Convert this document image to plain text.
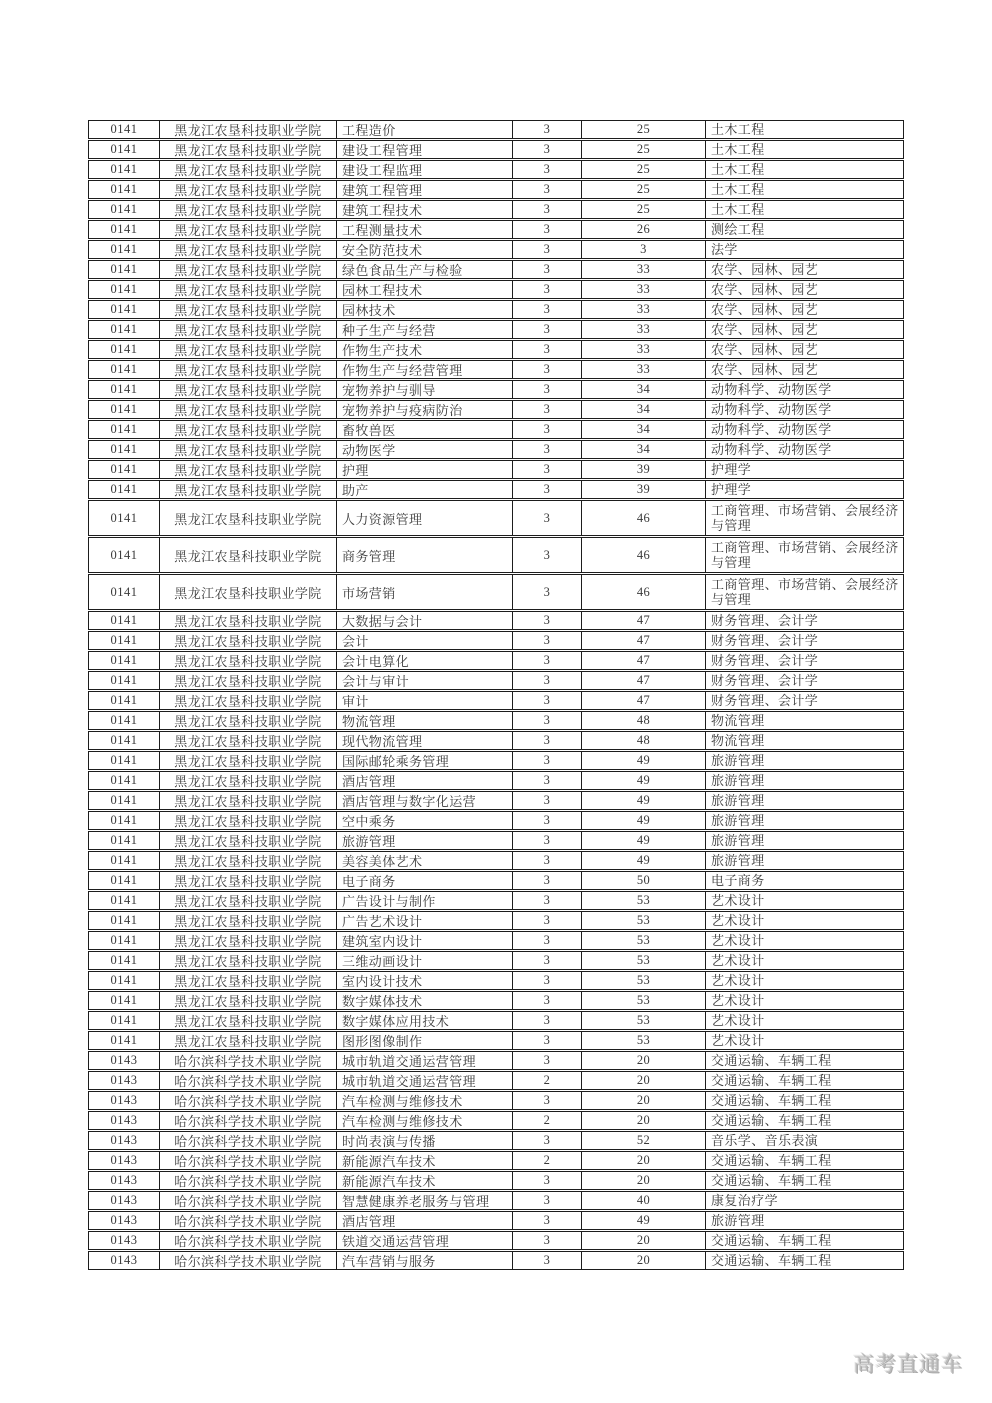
0141	黑龙江农垦科技职业学院	工程造价	3	25	土木工程
0141	黑龙江农垦科技职业学院	建设工程管理	3	25	土木工程
0141	黑龙江农垦科技职业学院	建设工程监理	3	25	土木工程
0141	黑龙江农垦科技职业学院	建筑工程管理	3	25	土木工程
0141	黑龙江农垦科技职业学院	建筑工程技术	3	25	土木工程
0141	黑龙江农垦科技职业学院	工程测量技术	3	26	测绘工程
0141	黑龙江农垦科技职业学院	安全防范技术	3	3	法学
0141	黑龙江农垦科技职业学院	绿色食品生产与检验	3	33	农学、园林、园艺
0141	黑龙江农垦科技职业学院	园林工程技术	3	33	农学、园林、园艺
0141	黑龙江农垦科技职业学院	园林技术	3	33	农学、园林、园艺
0141	黑龙江农垦科技职业学院	种子生产与经营	3	33	农学、园林、园艺
0141	黑龙江农垦科技职业学院	作物生产技术	3	33	农学、园林、园艺
0141	黑龙江农垦科技职业学院	作物生产与经营管理	3	33	农学、园林、园艺
0141	黑龙江农垦科技职业学院	宠物养护与驯导	3	34	动物科学、动物医学
0141	黑龙江农垦科技职业学院	宠物养护与疫病防治	3	34	动物科学、动物医学
0141	黑龙江农垦科技职业学院	畜牧兽医	3	34	动物科学、动物医学
0141	黑龙江农垦科技职业学院	动物医学	3	34	动物科学、动物医学
0141	黑龙江农垦科技职业学院	护理	3	39	护理学
0141	黑龙江农垦科技职业学院	助产	3	39	护理学
0141	黑龙江农垦科技职业学院	人力资源管理	3	46	工商管理、市场营销、会展经济与管理
0141	黑龙江农垦科技职业学院	商务管理	3	46	工商管理、市场营销、会展经济与管理
0141	黑龙江农垦科技职业学院	市场营销	3	46	工商管理、市场营销、会展经济与管理
0141	黑龙江农垦科技职业学院	大数据与会计	3	47	财务管理、会计学
0141	黑龙江农垦科技职业学院	会计	3	47	财务管理、会计学
0141	黑龙江农垦科技职业学院	会计电算化	3	47	财务管理、会计学
0141	黑龙江农垦科技职业学院	会计与审计	3	47	财务管理、会计学
0141	黑龙江农垦科技职业学院	审计	3	47	财务管理、会计学
0141	黑龙江农垦科技职业学院	物流管理	3	48	物流管理
0141	黑龙江农垦科技职业学院	现代物流管理	3	48	物流管理
0141	黑龙江农垦科技职业学院	国际邮轮乘务管理	3	49	旅游管理
0141	黑龙江农垦科技职业学院	酒店管理	3	49	旅游管理
0141	黑龙江农垦科技职业学院	酒店管理与数字化运营	3	49	旅游管理
0141	黑龙江农垦科技职业学院	空中乘务	3	49	旅游管理
0141	黑龙江农垦科技职业学院	旅游管理	3	49	旅游管理
0141	黑龙江农垦科技职业学院	美容美体艺术	3	49	旅游管理
0141	黑龙江农垦科技职业学院	电子商务	3	50	电子商务
0141	黑龙江农垦科技职业学院	广告设计与制作	3	53	艺术设计
0141	黑龙江农垦科技职业学院	广告艺术设计	3	53	艺术设计
0141	黑龙江农垦科技职业学院	建筑室内设计	3	53	艺术设计
0141	黑龙江农垦科技职业学院	三维动画设计	3	53	艺术设计
0141	黑龙江农垦科技职业学院	室内设计技术	3	53	艺术设计
0141	黑龙江农垦科技职业学院	数字媒体技术	3	53	艺术设计
0141	黑龙江农垦科技职业学院	数字媒体应用技术	3	53	艺术设计
0141	黑龙江农垦科技职业学院	图形图像制作	3	53	艺术设计
0143	哈尔滨科学技术职业学院	城市轨道交通运营管理	3	20	交通运输、车辆工程
0143	哈尔滨科学技术职业学院	城市轨道交通运营管理	2	20	交通运输、车辆工程
0143	哈尔滨科学技术职业学院	汽车检测与维修技术	3	20	交通运输、车辆工程
0143	哈尔滨科学技术职业学院	汽车检测与维修技术	2	20	交通运输、车辆工程
0143	哈尔滨科学技术职业学院	时尚表演与传播	3	52	音乐学、音乐表演
0143	哈尔滨科学技术职业学院	新能源汽车技术	2	20	交通运输、车辆工程
0143	哈尔滨科学技术职业学院	新能源汽车技术	3	20	交通运输、车辆工程
0143	哈尔滨科学技术职业学院	智慧健康养老服务与管理	3	40	康复治疗学
0143	哈尔滨科学技术职业学院	酒店管理	3	49	旅游管理
0143	哈尔滨科学技术职业学院	铁道交通运营管理	3	20	交通运输、车辆工程
0143	哈尔滨科学技术职业学院	汽车营销与服务	3	20	交通运输、车辆工程
高考直通车
